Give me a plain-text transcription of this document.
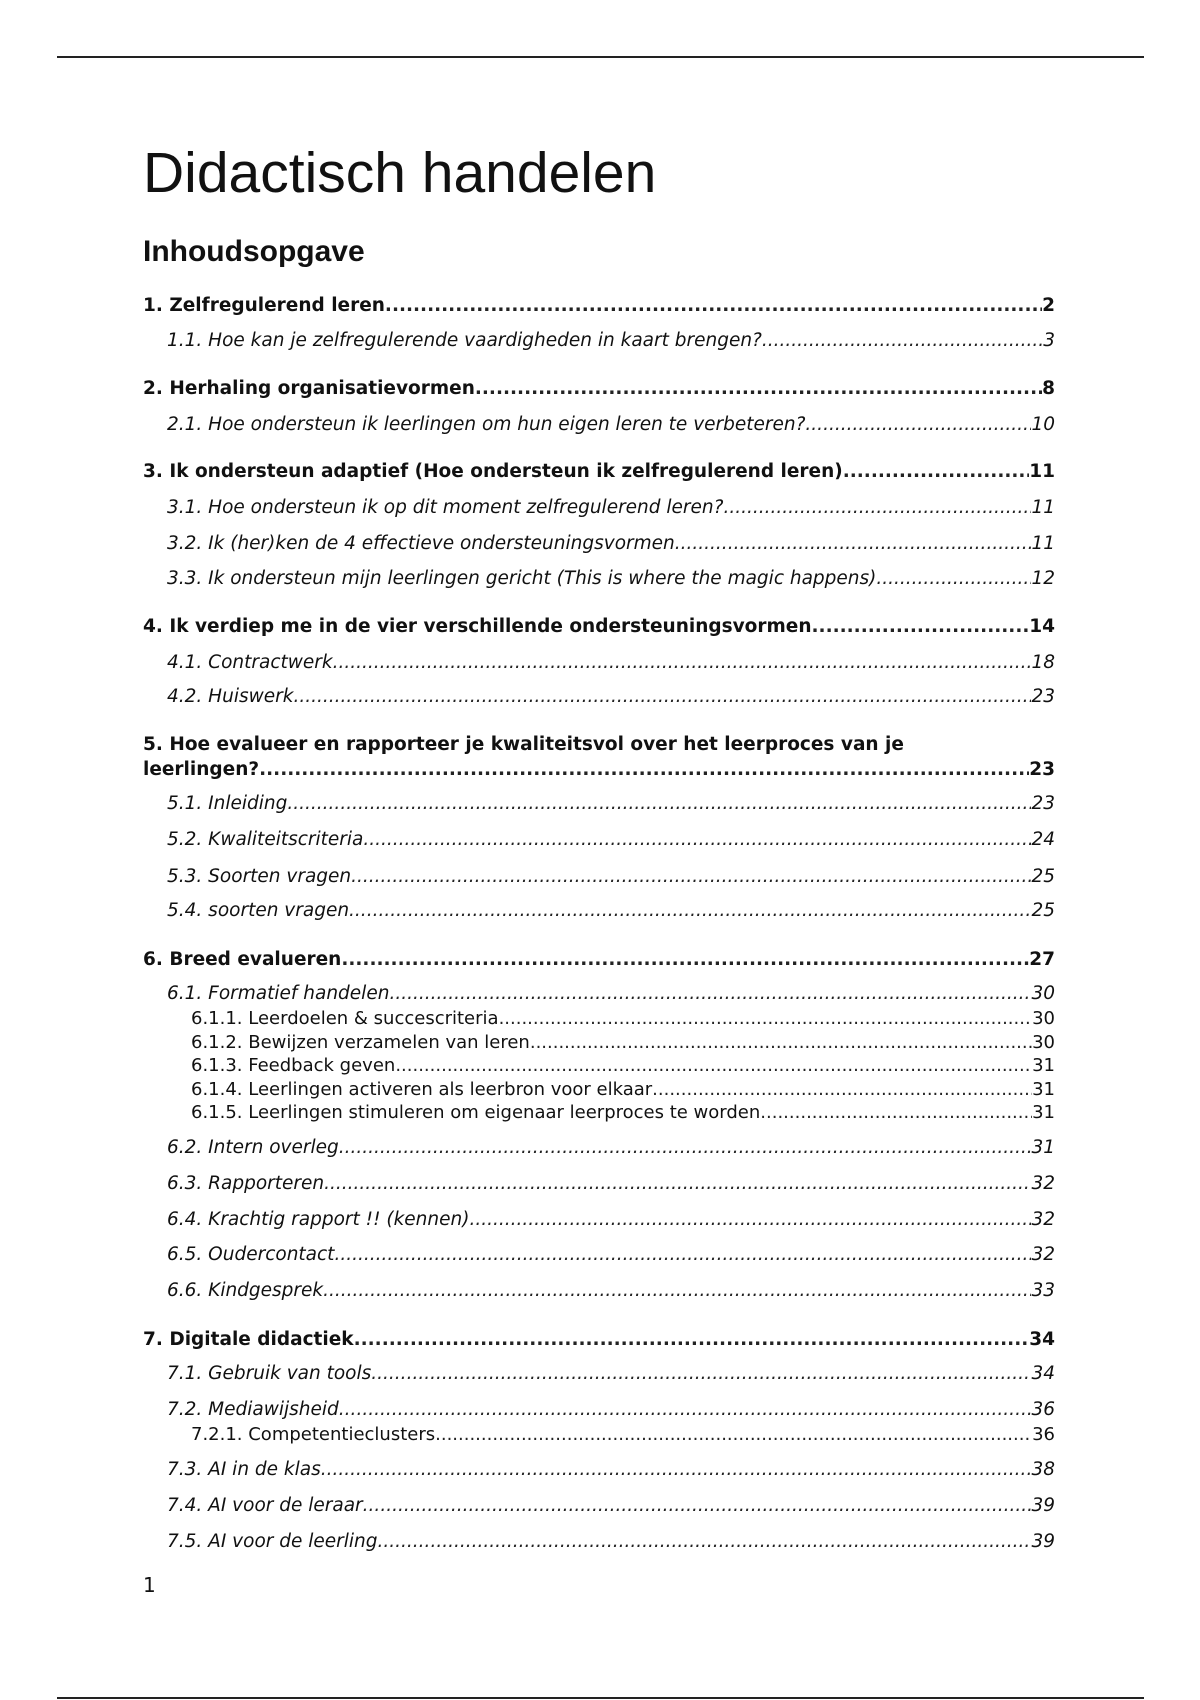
Didactisch handelen
Inhoudsopgave
1. Zelfregulerend leren .....	2
1.1. Hoe kan je zelfregulerende vaardigheden in kaart brengen? .....	3
2. Herhaling organisatievormen .....	8
2.1. Hoe ondersteun ik leerlingen om hun eigen leren te verbeteren? .....	10
3. Ik ondersteun adaptief (Hoe ondersteun ik zelfregulerend leren) .....	11
3.1. Hoe ondersteun ik op dit moment zelfregulerend leren? .....	11
3.2. Ik (her)ken de 4 effectieve ondersteuningsvormen .....	11
3.3. Ik ondersteun mijn leerlingen gericht (This is where the magic happens) .....	12
4. Ik verdiep me in de vier verschillende ondersteuningsvormen .....	14
4.1. Contractwerk .....	18
4.2. Huiswerk .....	23
5. Hoe evalueer en rapporteer je kwaliteitsvol over het leerproces van je
leerlingen? .....	23
5.1. Inleiding .....	23
5.2. Kwaliteitscriteria .....	24
5.3. Soorten vragen .....	25
5.4. soorten vragen .....	25
6. Breed evalueren .....	27
6.1. Formatief handelen .....	30
6.1.1. Leerdoelen & succescriteria .....	30
6.1.2. Bewijzen verzamelen van leren .....	30
6.1.3. Feedback geven .....	31
6.1.4. Leerlingen activeren als leerbron voor elkaar .....	31
6.1.5. Leerlingen stimuleren om eigenaar leerproces te worden .....	31
6.2. Intern overleg .....	31
6.3. Rapporteren .....	32
6.4. Krachtig rapport !! (kennen) .....	32
6.5. Oudercontact .....	32
6.6. Kindgesprek .....	33
7. Digitale didactiek .....	34
7.1. Gebruik van tools .....	34
7.2. Mediawijsheid .....	36
7.2.1. Competentieclusters .....	36
7.3. AI in de klas .....	38
7.4. AI voor de leraar .....	39
7.5. AI voor de leerling .....	39
1
